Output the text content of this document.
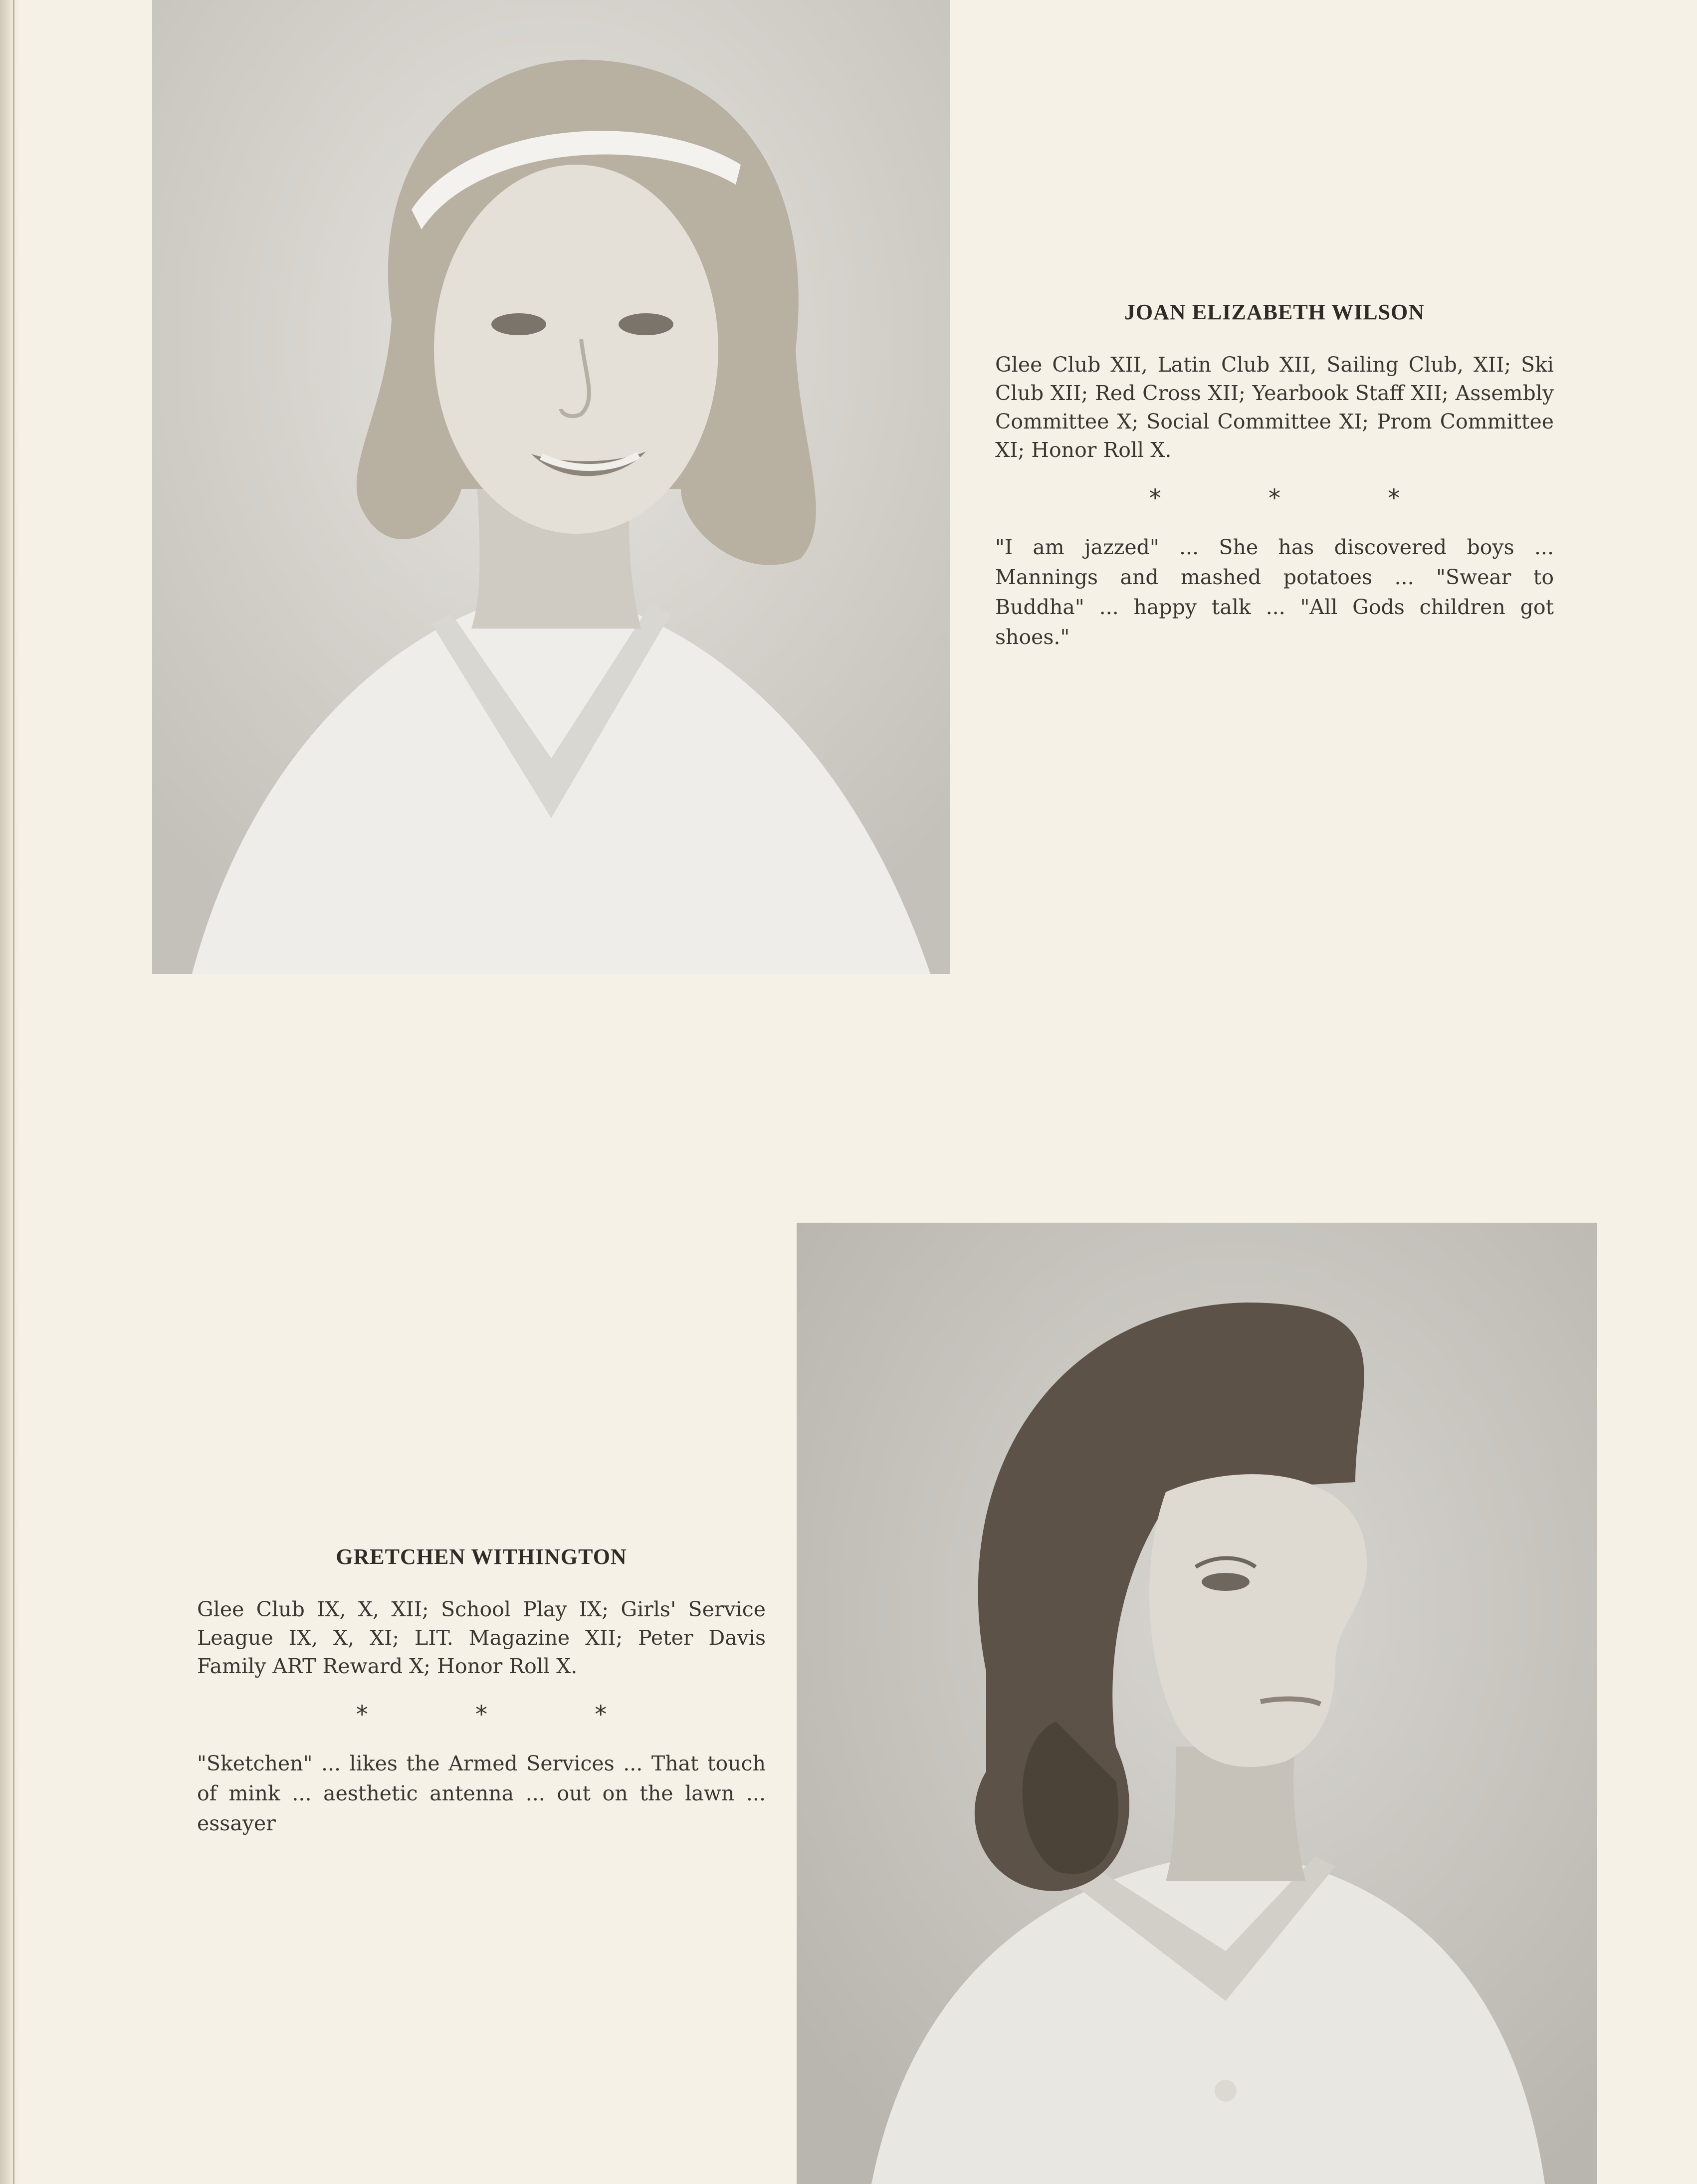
JOAN ELIZABETH WILSON

Glee Club XII, Latin Club XII, Sailing Club, XII; Ski Club XII; Red Cross XII; Yearbook Staff XII; Assembly Committee X; Social Committee XI; Prom Committee XI; Honor Roll X.

* * *

"I am jazzed" ... She has discovered boys ... Mannings and mashed potatoes ... "Swear to Buddha" ... happy talk ... "All Gods children got shoes."

GRETCHEN WITHINGTON

Glee Club IX, X, XII; School Play IX; Girls' Service League IX, X, XI; LIT. Magazine XII; Peter Davis Family ART Reward X; Honor Roll X.

* * *

"Sketchen" ... likes the Armed Services ... That touch of mink ... aesthetic antenna ... out on the lawn ... essayer
